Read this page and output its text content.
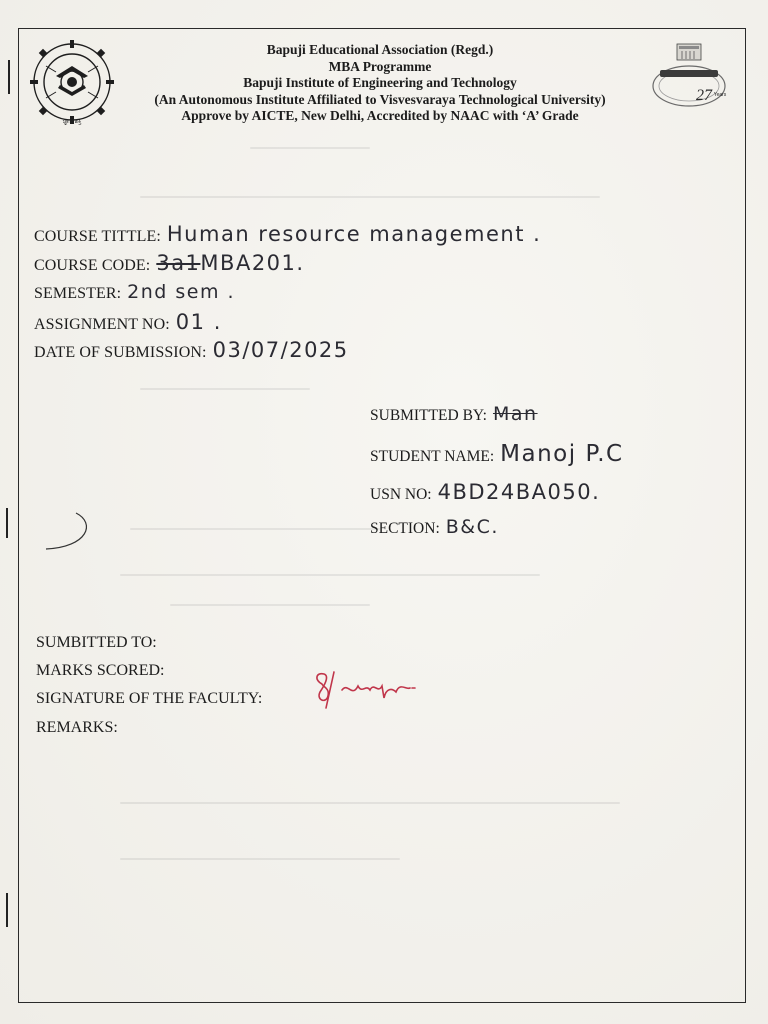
ಜ್ಞಾನ ಶಕ್ತಿ
27 Years
Bapuji Educational Association (Regd.)
MBA Programme
Bapuji Institute of Engineering and Technology
(An Autonomous Institute Affiliated to Visvesvaraya Technological University)
Approve by AICTE, New Delhi, Accredited by NAAC with ‘A’ Grade
COURSE TITTLE: Human resource management .
COURSE CODE: 3a1 MBA201.
SEMESTER: 2nd sem .
ASSIGNMENT NO: 01 .
DATE OF SUBMISSION: 03/07/2025
SUBMITTED BY: Man
STUDENT NAME: Manoj P.C
USN NO: 4BD24BA050.
SECTION: B&C.
SUMBITTED TO:
MARKS SCORED:
SIGNATURE OF THE FACULTY:
REMARKS:
